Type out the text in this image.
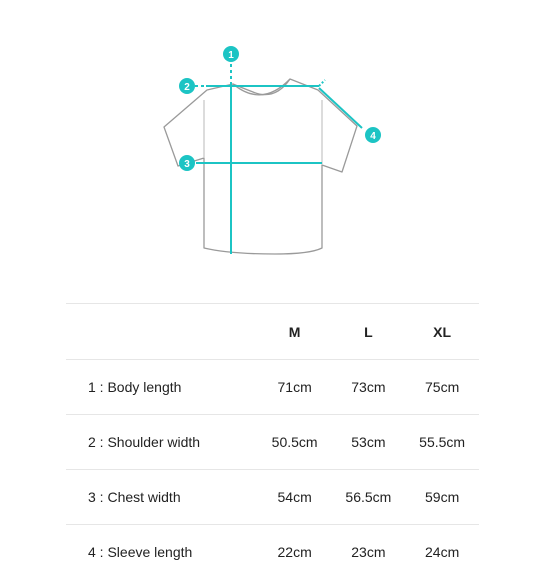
1
2
3
4
	M	L	XL
1 : Body length	71cm	73cm	75cm
2 : Shoulder width	50.5cm	53cm	55.5cm
3 : Chest width	54cm	56.5cm	59cm
4 : Sleeve length	22cm	23cm	24cm
